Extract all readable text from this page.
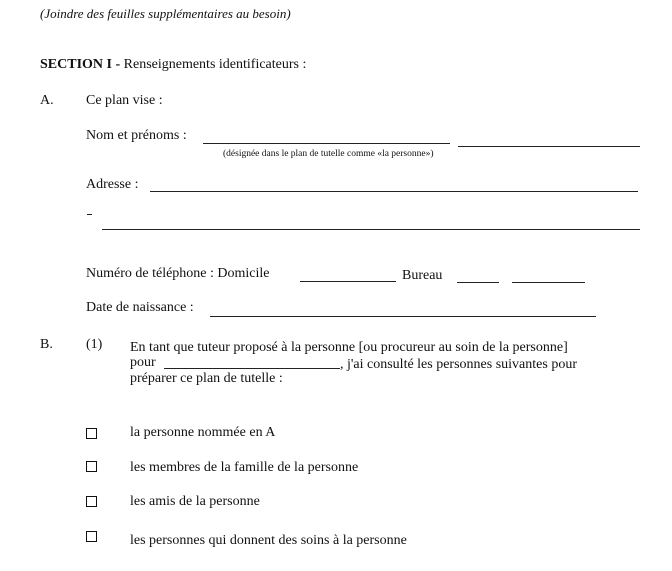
(Joindre des feuilles supplémentaires au besoin)
SECTION I - Renseignements identificateurs :
A. Ce plan vise :
Nom et prénoms :
(désignée dans le plan de tutelle comme «la personne»)
Adresse :
Numéro de téléphone : Domicile	Bureau
Date de naissance :
B. (1) En tant que tuteur proposé à la personne [ou procureur au soin de la personne]
pour	, j'ai consulté les personnes suivantes pour
préparer ce plan de tutelle :
la personne nommée en A
les membres de la famille de la personne
les amis de la personne
les personnes qui donnent des soins à la personne
